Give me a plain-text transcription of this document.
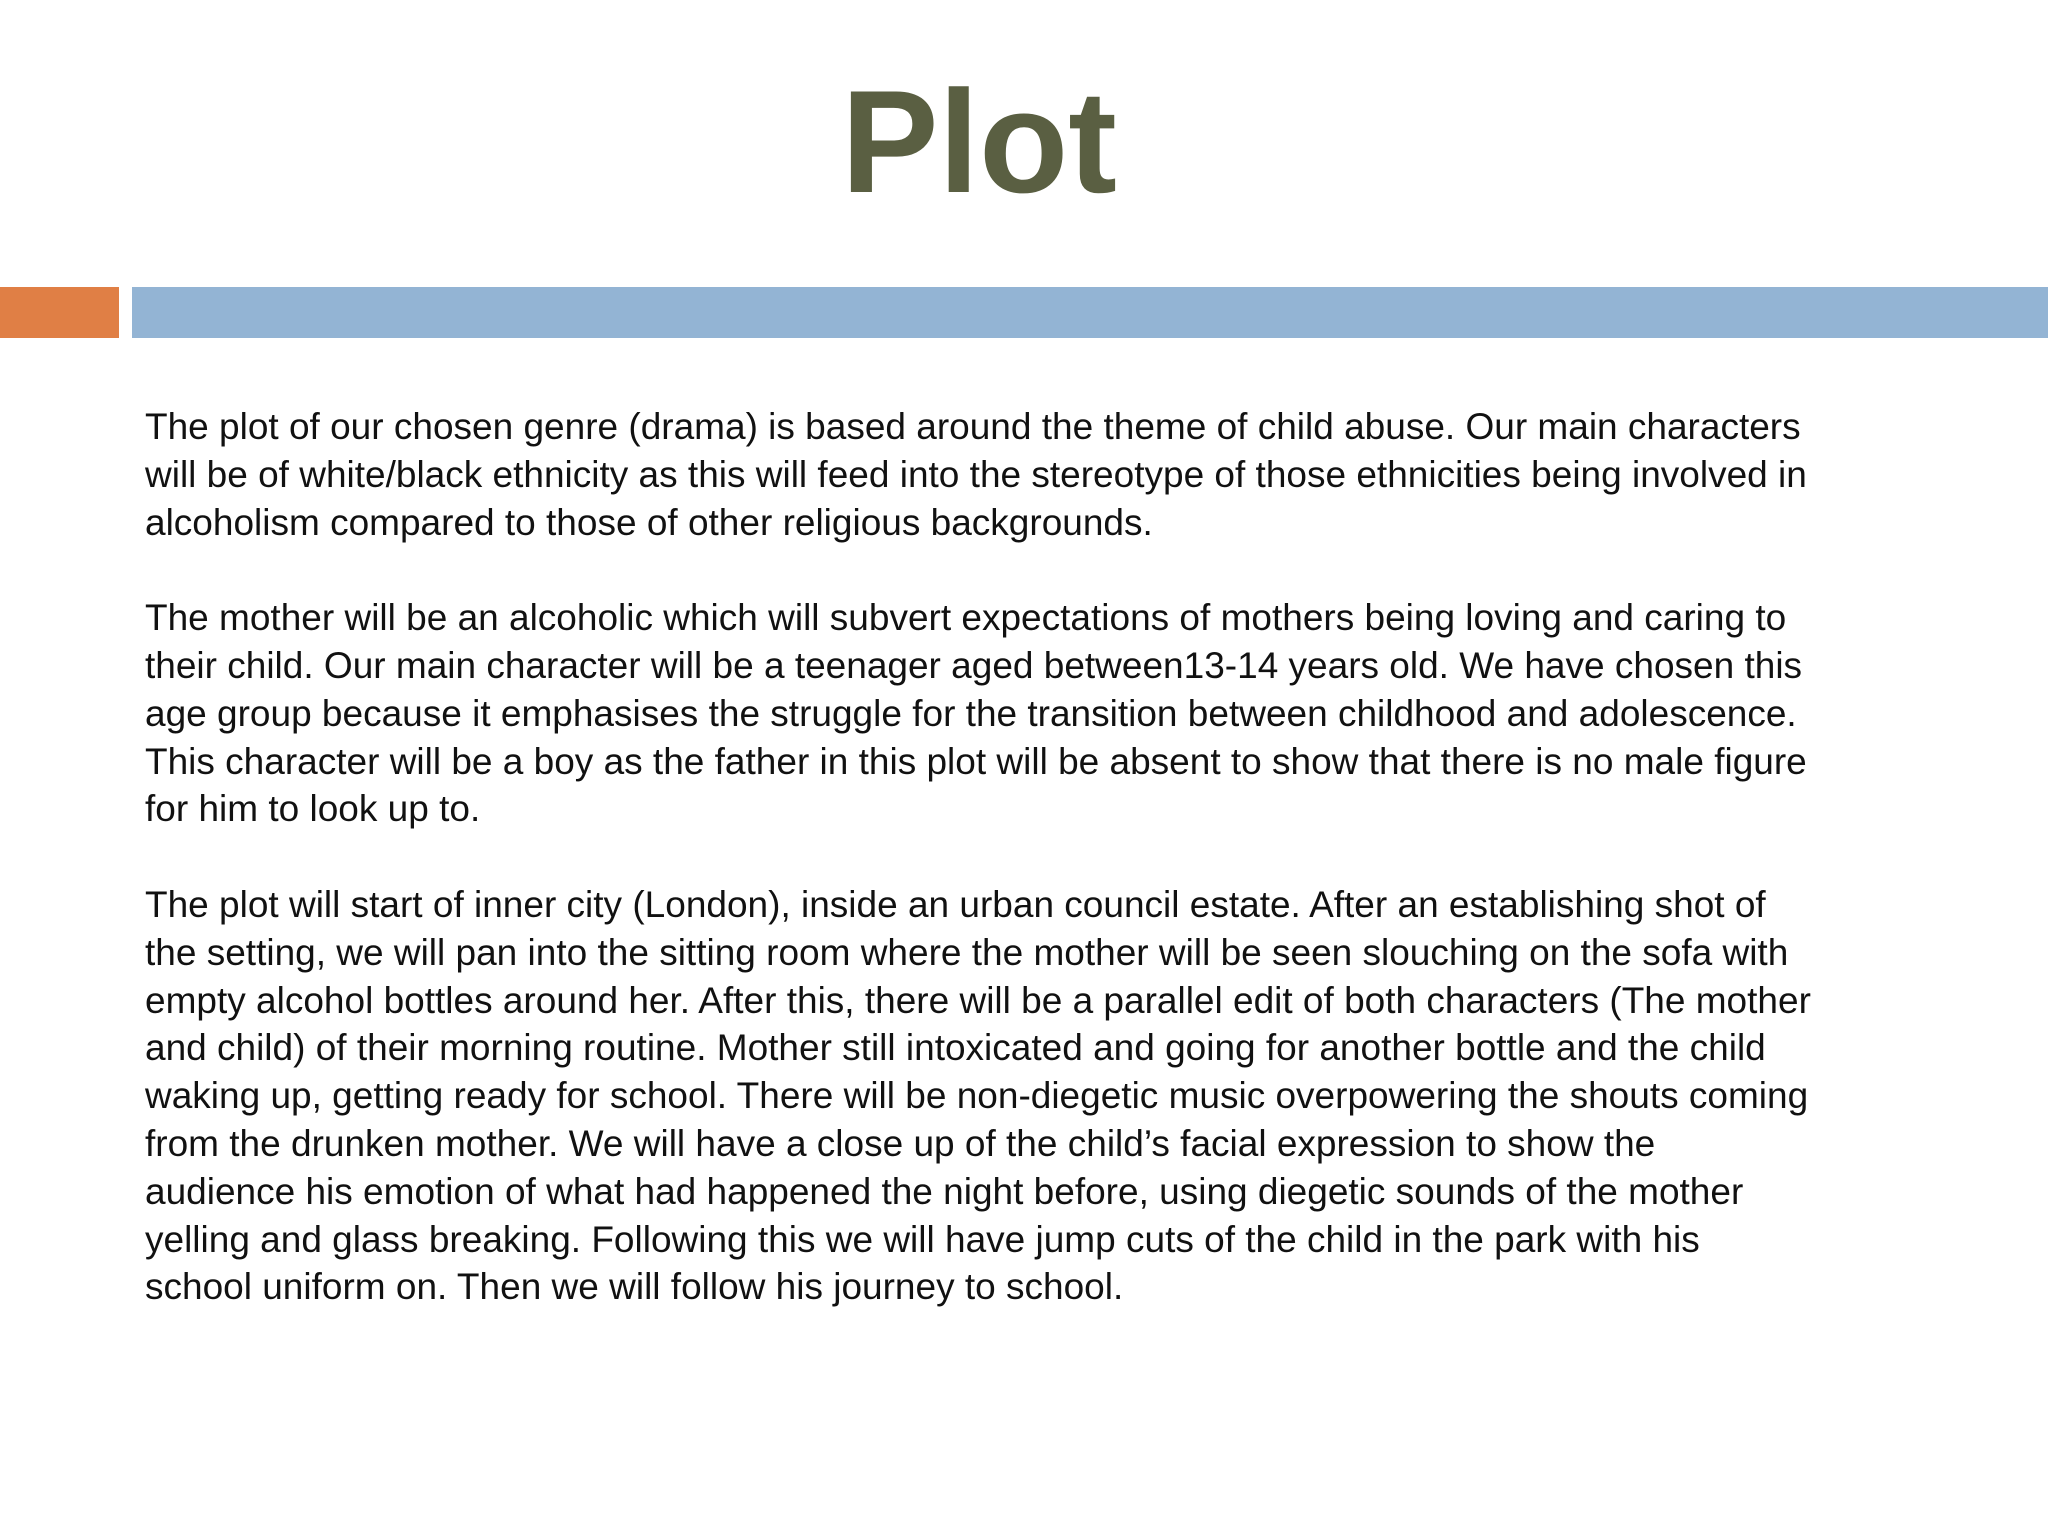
Plot

The plot of our chosen genre (drama) is based around the theme of child abuse. Our main characters
will be of white/black ethnicity as this will feed into the stereotype of those ethnicities being involved in
alcoholism compared to those of other religious backgrounds.

The mother will be an alcoholic which will subvert expectations of mothers being loving and caring to
their child. Our main character will be a teenager aged between13-14 years old. We have chosen this
age group because it emphasises the struggle for the transition between childhood and adolescence.
This character will be a boy as the father in this plot will be absent to show that there is no male figure
for him to look up to.

The plot will start of inner city (London), inside an urban council estate. After an establishing shot of
the setting, we will pan into the sitting room where the mother will be seen slouching on the sofa with
empty alcohol bottles around her. After this, there will be a parallel edit of both characters (The mother
and child) of their morning routine. Mother still intoxicated and going for another bottle and the child
waking up, getting ready for school. There will be non-diegetic music overpowering the shouts coming
from the drunken mother. We will have a close up of the child’s facial expression to show the
audience his emotion of what had happened the night before, using diegetic sounds of the mother
yelling and glass breaking. Following this we will have jump cuts of the child in the park with his
school uniform on. Then we will follow his journey to school.
